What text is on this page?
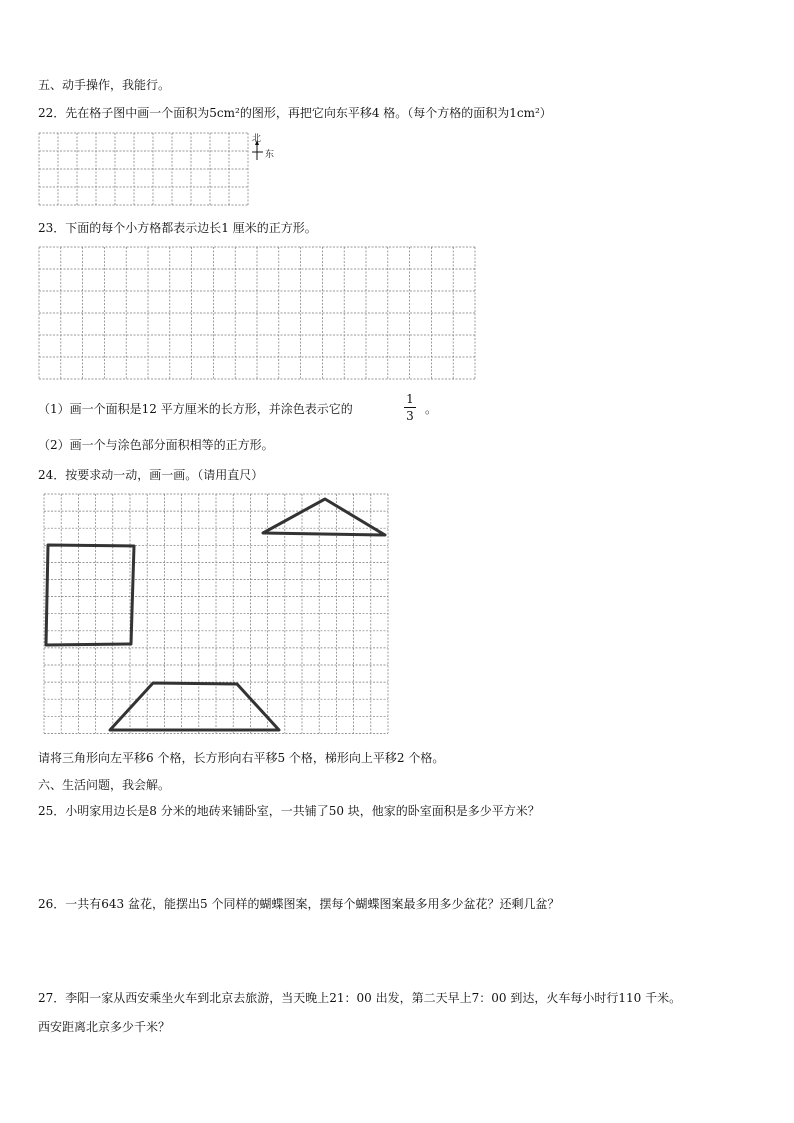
五、动手操作，我能行。
22．先在格子图中画一个面积为5cm²的图形，再把它向东平移4 格。（每个方格的面积为1cm²）
北
东
23．下面的每个小方格都表示边长1 厘米的正方形。
（1）画一个面积是12 平方厘米的长方形，并涂色表示它的
1
3 。
（2）画一个与涂色部分面积相等的正方形。
24．按要求动一动，画一画。（请用直尺）
请将三角形向左平移6 个格，长方形向右平移5 个格，梯形向上平移2 个格。
六、生活问题，我会解。
25．小明家用边长是8 分米的地砖来铺卧室，一共铺了50 块，他家的卧室面积是多少平方米？
26．一共有643 盆花，能摆出5 个同样的蝴蝶图案，摆每个蝴蝶图案最多用多少盆花？还剩几盆？
27．李阳一家从西安乘坐火车到北京去旅游，当天晚上21：00 出发，第二天早上7：00 到达，火车每小时行110 千米。
西安距离北京多少千米？
